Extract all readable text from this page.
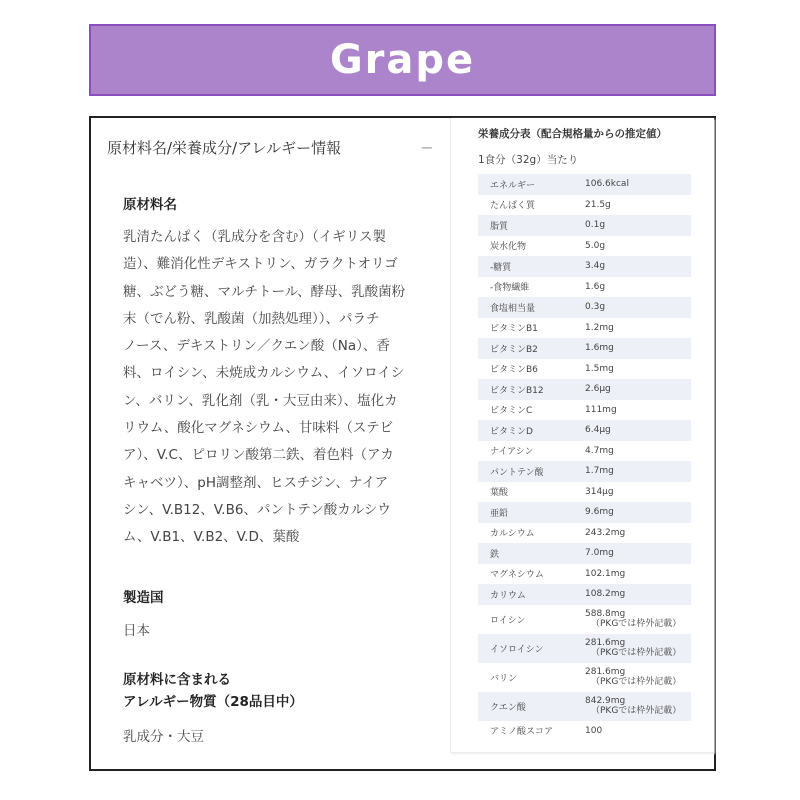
Grape
原材料名/栄養成分/アレルギー情報	−
原材料名
乳清たんぱく（乳成分を含む）（イギリス製
造）、難消化性デキストリン、ガラクトオリゴ
糖、ぶどう糖、マルチトール、酵母、乳酸菌粉
末（でん粉、乳酸菌（加熱処理））、パラチ
ノース、デキストリン／クエン酸（Na）、香
料、ロイシン、未焼成カルシウム、イソロイシ
ン、バリン、乳化剤（乳・大豆由来）、塩化カ
リウム、酸化マグネシウム、甘味料（ステビ
ア）、V.C、ピロリン酸第二鉄、着色料（アカ
キャベツ）、pH調整剤、ヒスチジン、ナイア
シン、V.B12、V.B6、パントテン酸カルシウ
ム、V.B1、V.B2、V.D、葉酸
製造国
日本
原材料に含まれる
アレルギー物質（28品目中）
乳成分・大豆
栄養成分表（配合規格量からの推定値）
1食分（32g）当たり
エネルギー	106.6kcal
たんぱく質	21.5g
脂質	0.1g
炭水化物	5.0g
-糖質	3.4g
-食物繊維	1.6g
食塩相当量	0.3g
ビタミンB1	1.2mg
ビタミンB2	1.6mg
ビタミンB6	1.5mg
ビタミンB12	2.6μg
ビタミンC	111mg
ビタミンD	6.4μg
ナイアシン	4.7mg
パントテン酸	1.7mg
葉酸	314μg
亜鉛	9.6mg
カルシウム	243.2mg
鉄	7.0mg
マグネシウム	102.1mg
カリウム	108.2mg
ロイシン	588.8mg
（PKGでは枠外記載）

イソロイシン	281.6mg
（PKGでは枠外記載）

バリン	281.6mg
（PKGでは枠外記載）

クエン酸	842.9mg
（PKGでは枠外記載）

アミノ酸スコア	100
